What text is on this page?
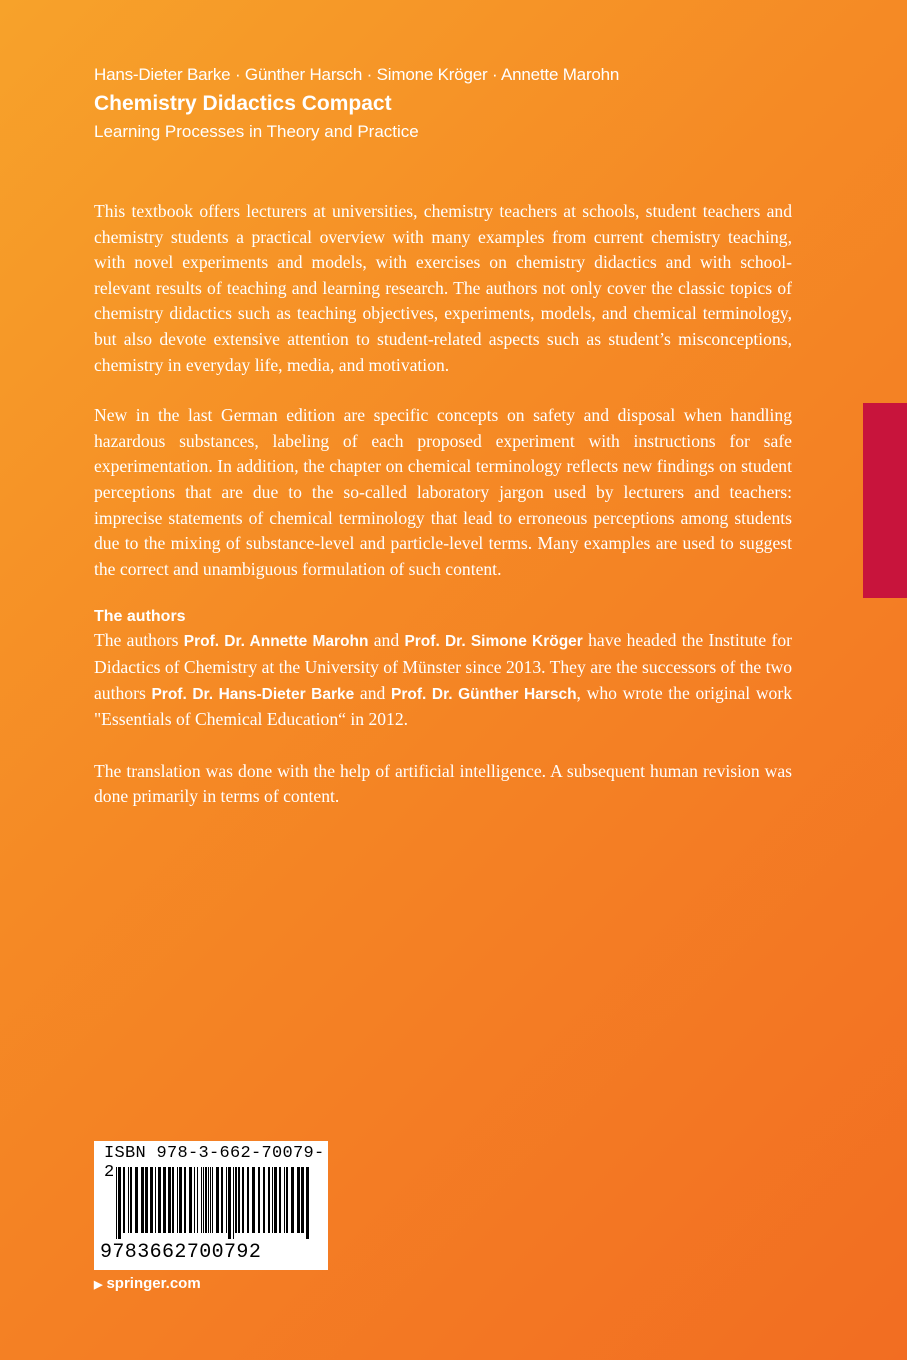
Hans-Dieter Barke · Günther Harsch · Simone Kröger · Annette Marohn

Chemistry Didactics Compact

Learning Processes in Theory and Practice

This textbook offers lecturers at universities, chemistry teachers at schools, student teachers and chemistry students a practical overview with many examples from current chemistry teaching, with novel experiments and models, with exercises on chemistry didactics and with school-relevant results of teaching and learning research. The authors not only cover the classic topics of chemistry didactics such as teaching objectives, experiments, models, and chemical terminology, but also devote extensive attention to student-related aspects such as student’s misconceptions, chemistry in everyday life, media, and motivation.

New in the last German edition are specific concepts on safety and disposal when handling hazardous substances, labeling of each proposed experiment with instructions for safe experimentation. In addition, the chapter on chemical terminology reflects new findings on student perceptions that are due to the so-called laboratory jargon used by lecturers and teachers: imprecise statements of chemical terminology that lead to erroneous perceptions among students due to the mixing of substance-level and particle-level terms. Many examples are used to suggest the correct and unambiguous formulation of such content.

The authors

The authors Prof. Dr. Annette Marohn and Prof. Dr. Simone Kröger have headed the Institute for Didactics of Chemistry at the University of Münster since 2013. They are the successors of the two authors Prof. Dr. Hans-Dieter Barke and Prof. Dr. Günther Harsch, who wrote the original work "Essentials of Chemical Education“ in 2012.

The translation was done with the help of artificial intelligence. A subsequent human revision was done primarily in terms of content.

ISBN 978-3-662-70079-2
9783662700792
▶ springer.com
